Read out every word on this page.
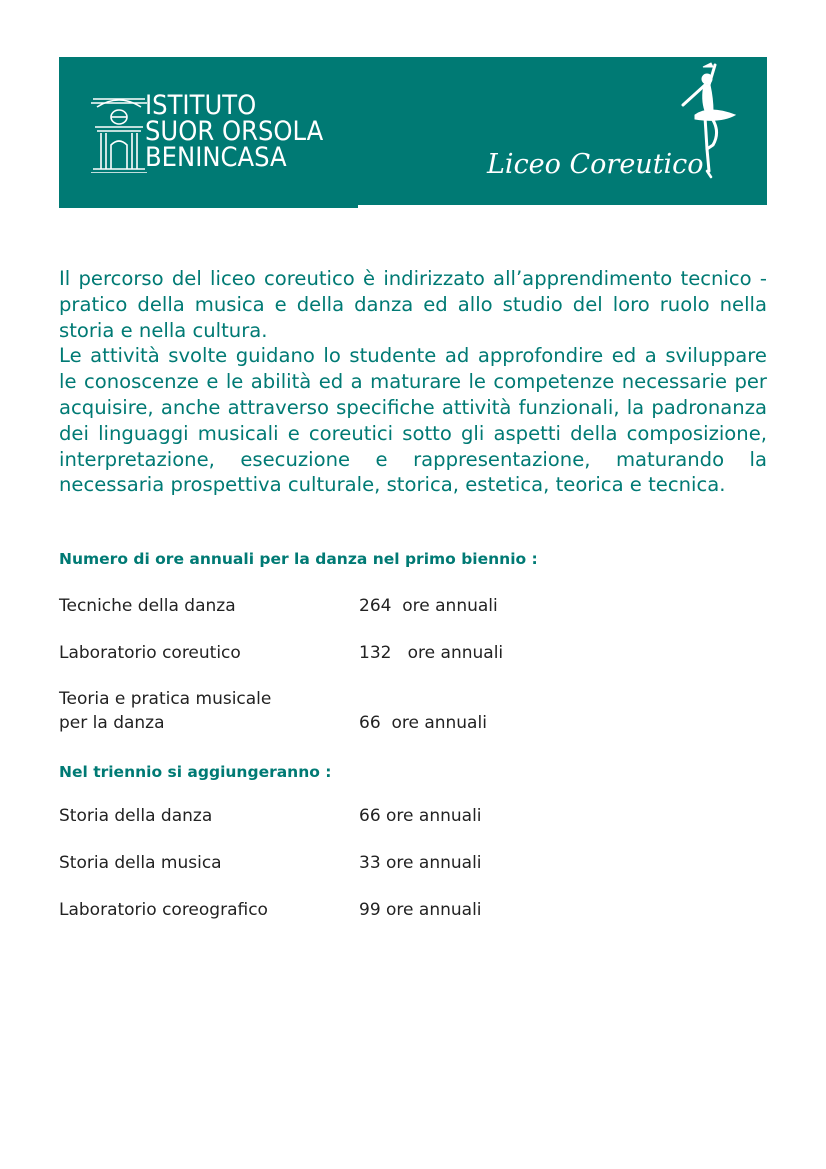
ISTITUTO
SUOR ORSOLA
BENINCASA	Liceo Coreutico

Il percorso del liceo coreutico è indirizzato all’apprendimento tecnico - pratico della musica e della danza ed allo studio del loro ruolo nella storia e nella cultura.

Le attività svolte guidano lo studente ad approfondire ed a sviluppare le conoscenze e le abilità ed a maturare le competenze necessarie per acquisire, anche attraverso specifiche attività funzionali, la padronanza dei linguaggi musicali e coreutici sotto gli aspetti della composizione, interpretazione, esecuzione e rappresentazione, maturando la necessaria prospettiva culturale, storica, estetica, teorica e tecnica.

Numero di ore annuali per la danza nel primo biennio :
Tecniche della danza	264  ore annuali
Laboratorio coreutico	132   ore annuali
Teoria e pratica musicale
per la danza	66  ore annuali
Nel triennio si aggiungeranno :
Storia della danza	66 ore annuali
Storia della musica	33 ore annuali
Laboratorio coreografico	99 ore annuali
